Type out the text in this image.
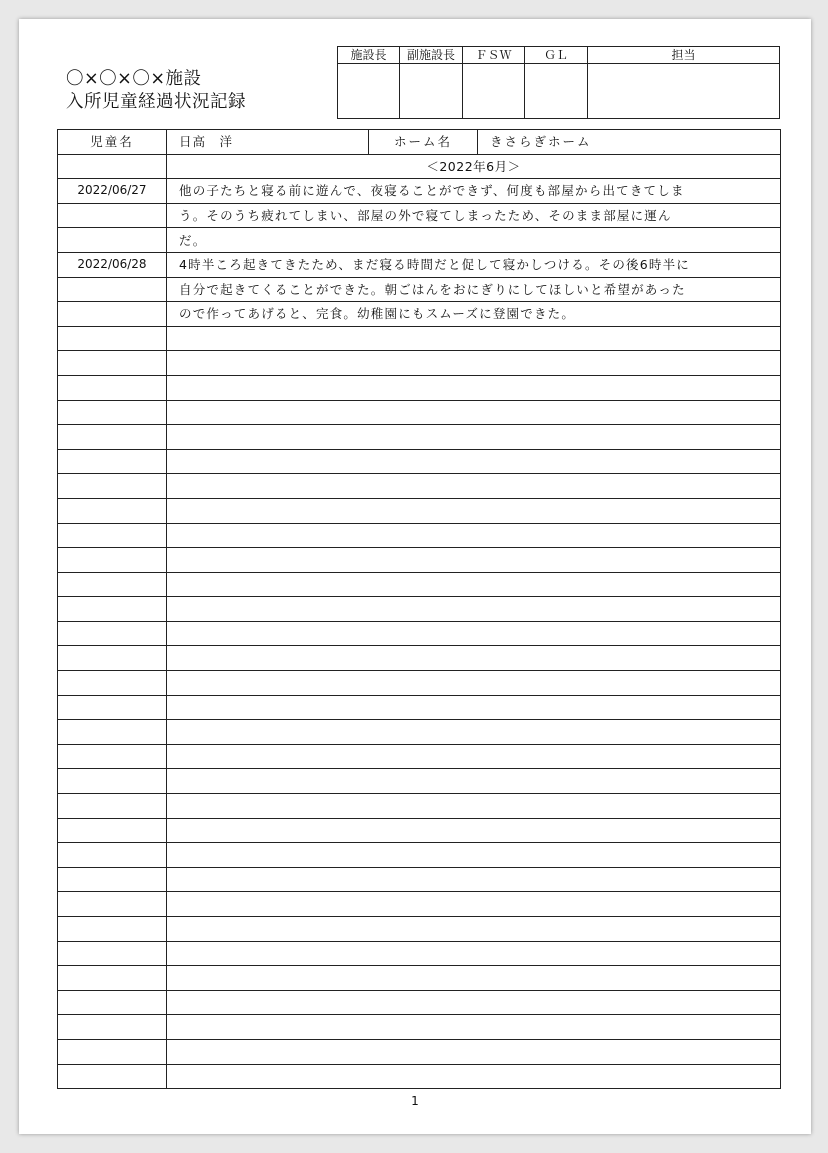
〇×〇×〇×施設
入所児童経過状況記録
施設長	副施設長	ＦＳＷ	ＧＬ	担当

児童名	日高　洋	ホーム名	きさらぎホーム
	＜2022年6月＞		
2022/06/27	他の子たちと寝る前に遊んで、夜寝ることができず、何度も部屋から出てきてしま		
	う。そのうち疲れてしまい、部屋の外で寝てしまったため、そのまま部屋に運ん		
	だ。		
2022/06/28	4時半ころ起きてきたため、まだ寝る時間だと促して寝かしつける。その後6時半に		
	自分で起きてくることができた。朝ごはんをおにぎりにしてほしいと希望があった		
	ので作ってあげると、完食。幼稚園にもスムーズに登園できた。		

1
